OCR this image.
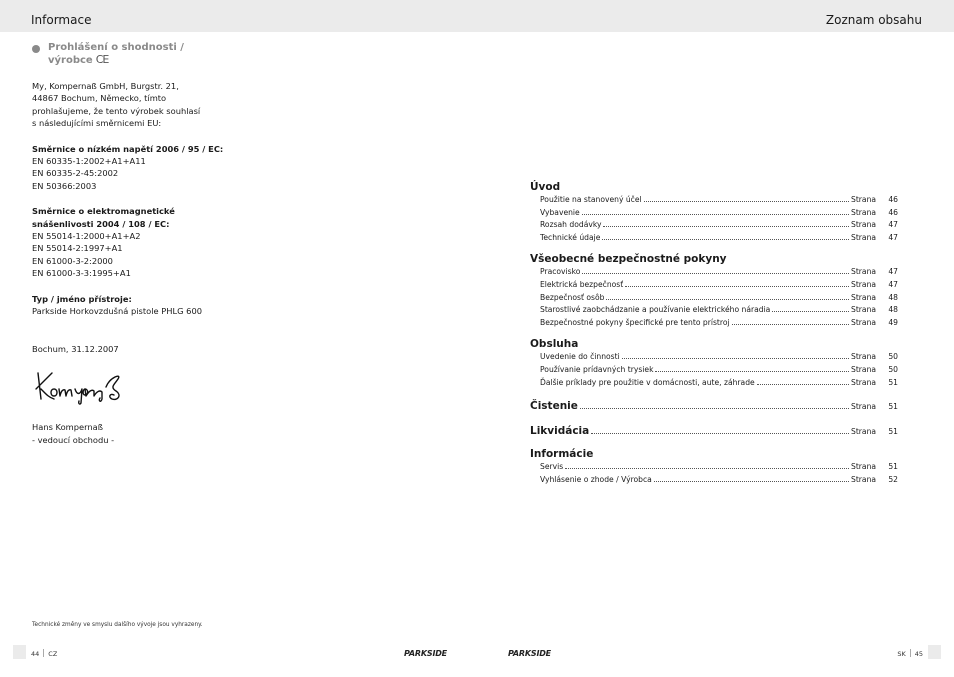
Informace	Zoznam obsahu
Prohlášení o shodnosti /
výrobce CE
My, Kompernaß GmbH, Burgstr. 21,
44867 Bochum, Německo, tímto
prohlašujeme, že tento výrobek souhlasí
s následujícími směrnicemi EU:
Směrnice o nízkém napětí 2006 / 95 / EC:
EN 60335-1:2002+A1+A11
EN 60335-2-45:2002
EN 50366:2003
Směrnice o elektromagnetické
snášenlivosti 2004 / 108 / EC:
EN 55014-1:2000+A1+A2
EN 55014-2:1997+A1
EN 61000-3-2:2000
EN 61000-3-3:1995+A1
Typ / jméno přístroje:
Parkside Horkovzdušná pistole PHLG 600
Bochum, 31.12.2007
Hans Kompernaß
- vedoucí obchodu -
Technické změny ve smyslu dalšího vývoje jsou vyhrazeny.
44 CZ	PARKSIDE	PARKSIDE	SK 45
Úvod
Použitie na stanovený účel	Strana	46
Vybavenie	Strana	46
Rozsah dodávky	Strana	47
Technické údaje	Strana	47
Všeobecné bezpečnostné pokyny
Pracovisko	Strana	47
Elektrická bezpečnosť	Strana	47
Bezpečnosť osôb	Strana	48
Starostlivé zaobchádzanie a používanie elektrického náradia	Strana	48
Bezpečnostné pokyny špecifické pre tento prístroj	Strana	49
Obsluha
Uvedenie do činnosti	Strana	50
Používanie prídavných trysiek	Strana	50
Ďalšie príklady pre použitie v domácnosti, aute, záhrade	Strana	51
Čistenie	Strana	51
Likvidácia	Strana	51
Informácie
Servis	Strana	51
Vyhlásenie o zhode / Výrobca	Strana	52
